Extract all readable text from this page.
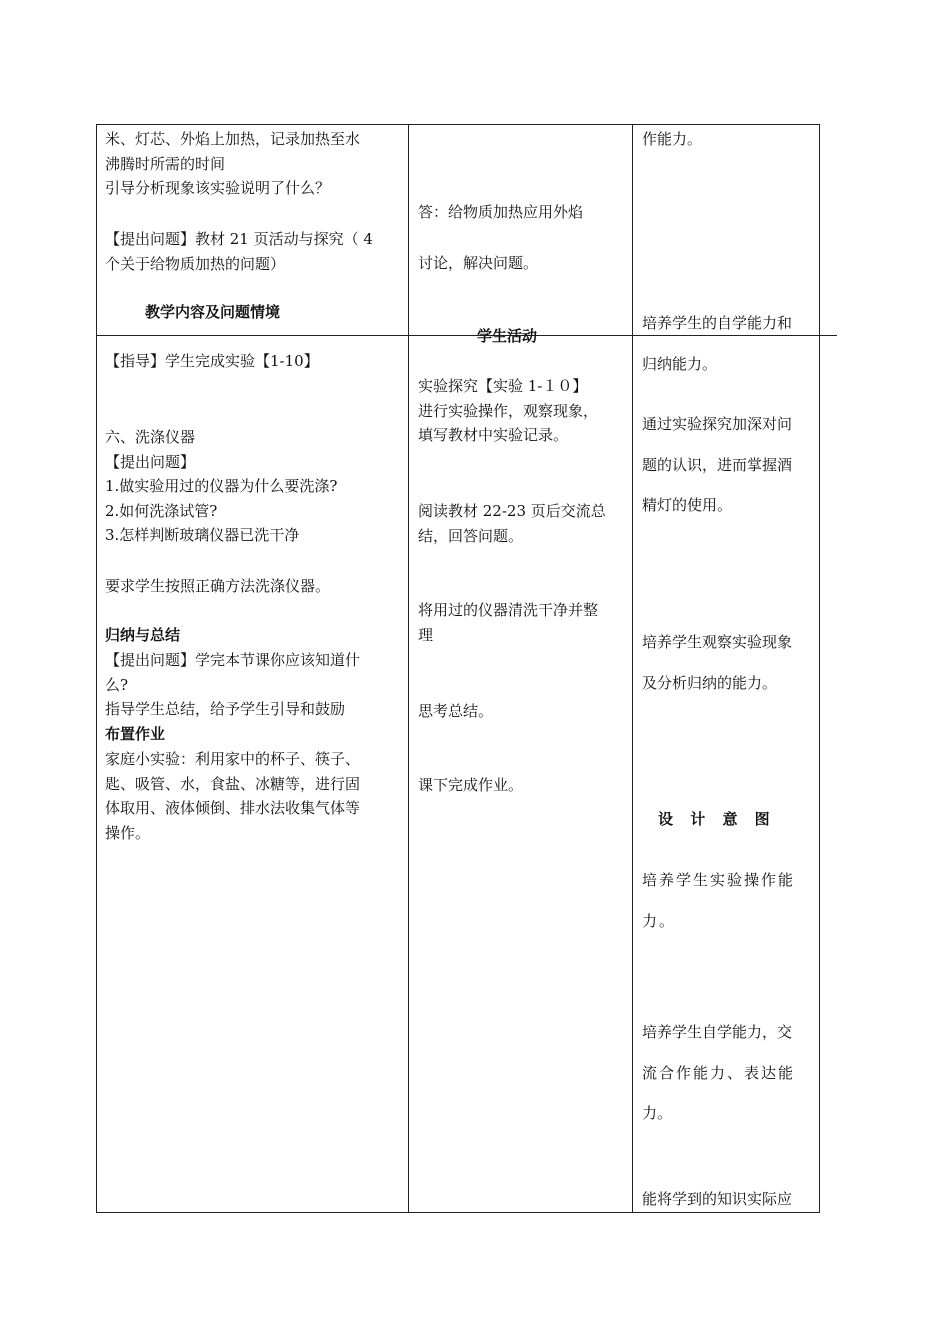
米、灯芯、外焰上加热，记录加热至水
沸腾时所需的时间
引导分析现象该实验说明了什么？
【提出问题】教材 21 页活动与探究（ 4
个关于给物质加热的问题）
教学内容及问题情境
【指导】学生完成实验【1-10】
六、洗涤仪器
【提出问题】
1.做实验用过的仪器为什么要洗涤?
2.如何洗涤试管?
3.怎样判断玻璃仪器已洗干净
要求学生按照正确方法洗涤仪器。
归纳与总结
【提出问题】学完本节课你应该知道什
么?
指导学生总结，给予学生引导和鼓励
布置作业
家庭小实验：利用家中的杯子、筷子、
匙、吸管、水，食盐、冰糖等，进行固
体取用、液体倾倒、排水法收集气体等
操作。
答：给物质加热应用外焰
讨论，解决问题。
学生活动
实验探究【实验 1-１０】
进行实验操作，观察现象，
填写教材中实验记录。
阅读教材 22-23 页后交流总
结，回答问题。
将用过的仪器清洗干净并整
理
思考总结。
课下完成作业。
作能力。
培养学生的自学能力和
归纳能力。
通过实验探究加深对问
题的认识，进而掌握酒
精灯的使用。
培养学生观察实验现象
及分析归纳的能力。
设 计 意 图
培养学生实验操作能
力。
培养学生自学能力，交
流合作能力、表达能
力。
能将学到的知识实际应
